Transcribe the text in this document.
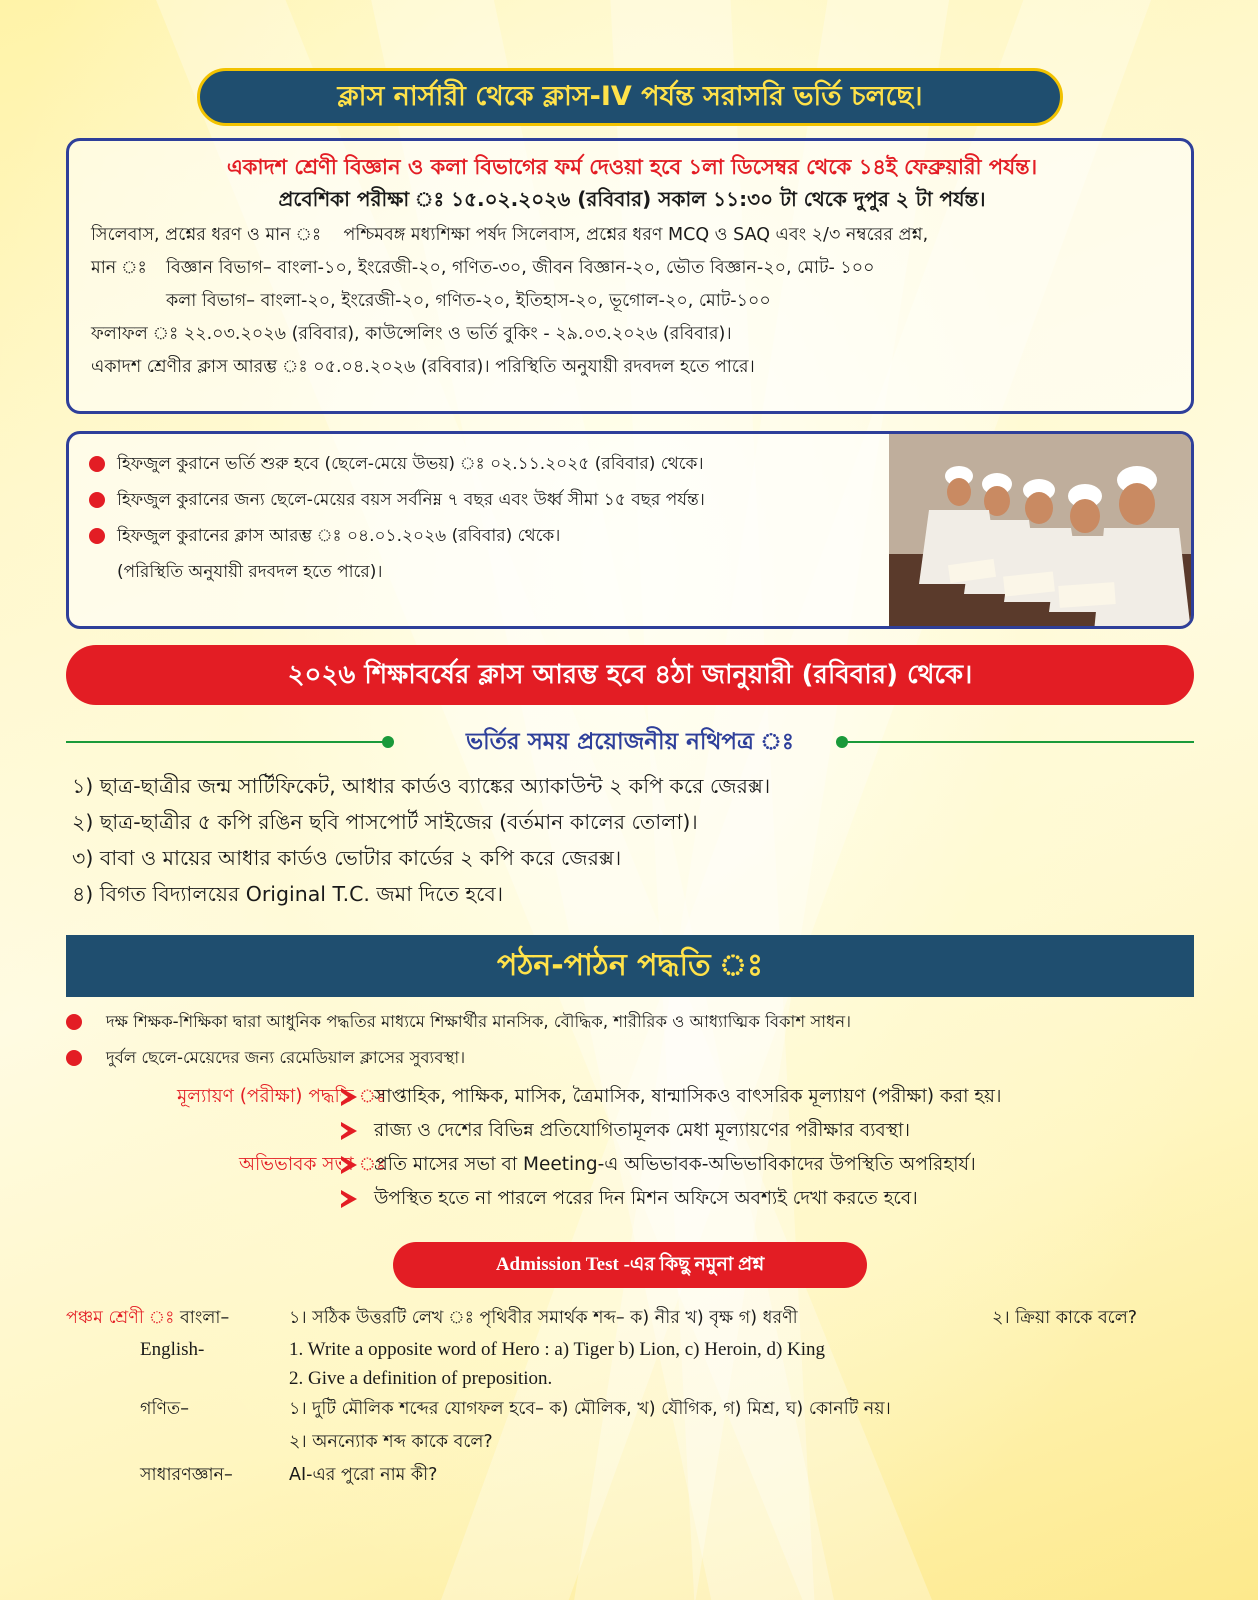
ক্লাস নার্সারী থেকে ক্লাস-IV পর্যন্ত সরাসরি ভর্তি চলছে।
একাদশ শ্রেণী বিজ্ঞান ও কলা বিভাগের ফর্ম দেওয়া হবে ১লা ডিসেম্বর থেকে ১৪ই ফেব্রুয়ারী পর্যন্ত।
প্রবেশিকা পরীক্ষা ঃ ১৫.০২.২০২৬ (রবিবার) সকাল ১১:৩০ টা থেকে দুপুর ২ টা পর্যন্ত।
সিলেবাস, প্রশ্নের ধরণ ও মান ঃ পশ্চিমবঙ্গ মধ্যশিক্ষা পর্ষদ সিলেবাস, প্রশ্নের ধরণ MCQ ও SAQ এবং ২/৩ নম্বরের প্রশ্ন,
মান ঃ বিজ্ঞান বিভাগ– বাংলা-১০, ইংরেজী-২০, গণিত-৩০, জীবন বিজ্ঞান-২০, ভৌত বিজ্ঞান-২০, মোট- ১০০
কলা বিভাগ– বাংলা-২০, ইংরেজী-২০, গণিত-২০, ইতিহাস-২০, ভূগোল-২০, মোট-১০০
ফলাফল ঃ ২২.০৩.২০২৬ (রবিবার), কাউন্সেলিং ও ভর্তি বুকিং - ২৯.০৩.২০২৬ (রবিবার)।
একাদশ শ্রেণীর ক্লাস আরম্ভ ঃ ০৫.০৪.২০২৬ (রবিবার)। পরিস্থিতি অনুযায়ী রদবদল হতে পারে।
হিফজুল কুরানে ভর্তি শুরু হবে (ছেলে-মেয়ে উভয়) ঃ ০২.১১.২০২৫ (রবিবার) থেকে।
হিফজুল কুরানের জন্য ছেলে-মেয়ের বয়স সর্বনিম্ন ৭ বছর এবং উর্ধ্ব সীমা ১৫ বছর পর্যন্ত।
হিফজুল কুরানের ক্লাস আরম্ভ ঃ ০৪.০১.২০২৬ (রবিবার) থেকে।
(পরিস্থিতি অনুযায়ী রদবদল হতে পারে)।
২০২৬ শিক্ষাবর্ষের ক্লাস আরম্ভ হবে ৪ঠা জানুয়ারী (রবিবার) থেকে।
ভর্তির সময় প্রয়োজনীয় নথিপত্র ঃ
১) ছাত্র-ছাত্রীর জন্ম সার্টিফিকেট, আধার কার্ডও ব্যাঙ্কের অ্যাকাউন্ট ২ কপি করে জেরক্স।
২) ছাত্র-ছাত্রীর ৫ কপি রঙিন ছবি পাসপোর্ট সাইজের (বর্তমান কালের তোলা)।
৩) বাবা ও মায়ের আধার কার্ডও ভোটার কার্ডের ২ কপি করে জেরক্স।
৪) বিগত বিদ্যালয়ের Original T.C. জমা দিতে হবে।
পঠন-পাঠন পদ্ধতি ঃ
দক্ষ শিক্ষক-শিক্ষিকা দ্বারা আধুনিক পদ্ধতির মাধ্যমে শিক্ষার্থীর মানসিক, বৌদ্ধিক, শারীরিক ও আধ্যাত্মিক বিকাশ সাধন।
দুর্বল ছেলে-মেয়েদের জন্য রেমেডিয়াল ক্লাসের সুব্যবস্থা।
মূল্যায়ণ (পরীক্ষা) পদ্ধতি ঃ
সাপ্তাহিক, পাক্ষিক, মাসিক, ত্রৈমাসিক, ষান্মাসিকও বাৎসরিক মূল্যায়ণ (পরীক্ষা) করা হয়।
রাজ্য ও দেশের বিভিন্ন প্রতিযোগিতামূলক মেধা মূল্যায়ণের পরীক্ষার ব্যবস্থা।
অভিভাবক সভা ঃ
প্রতি মাসের সভা বা Meeting-এ অভিভাবক-অভিভাবিকাদের উপস্থিতি অপরিহার্য।
উপস্থিত হতে না পারলে পরের দিন মিশন অফিসে অবশ্যই দেখা করতে হবে।
Admission Test -এর কিছু নমুনা প্রশ্ন
পঞ্চম শ্রেণী ঃ বাংলা–	১। সঠিক উত্তরটি লেখ ঃ পৃথিবীর সমার্থক শব্দ– ক) নীর খ) বৃক্ষ গ) ধরণী	২। ক্রিয়া কাকে বলে?
English-	1. Write a opposite word of Hero : a) Tiger b) Lion, c) Heroin, d) King
2. Give a definition of preposition.
গণিত–	১। দুটি মৌলিক শব্দের যোগফল হবে– ক) মৌলিক, খ) যৌগিক, গ) মিশ্র, ঘ) কোনটি নয়।
২। অনন্যোক শব্দ কাকে বলে?
সাধারণজ্ঞান–	AI-এর পুরো নাম কী?
